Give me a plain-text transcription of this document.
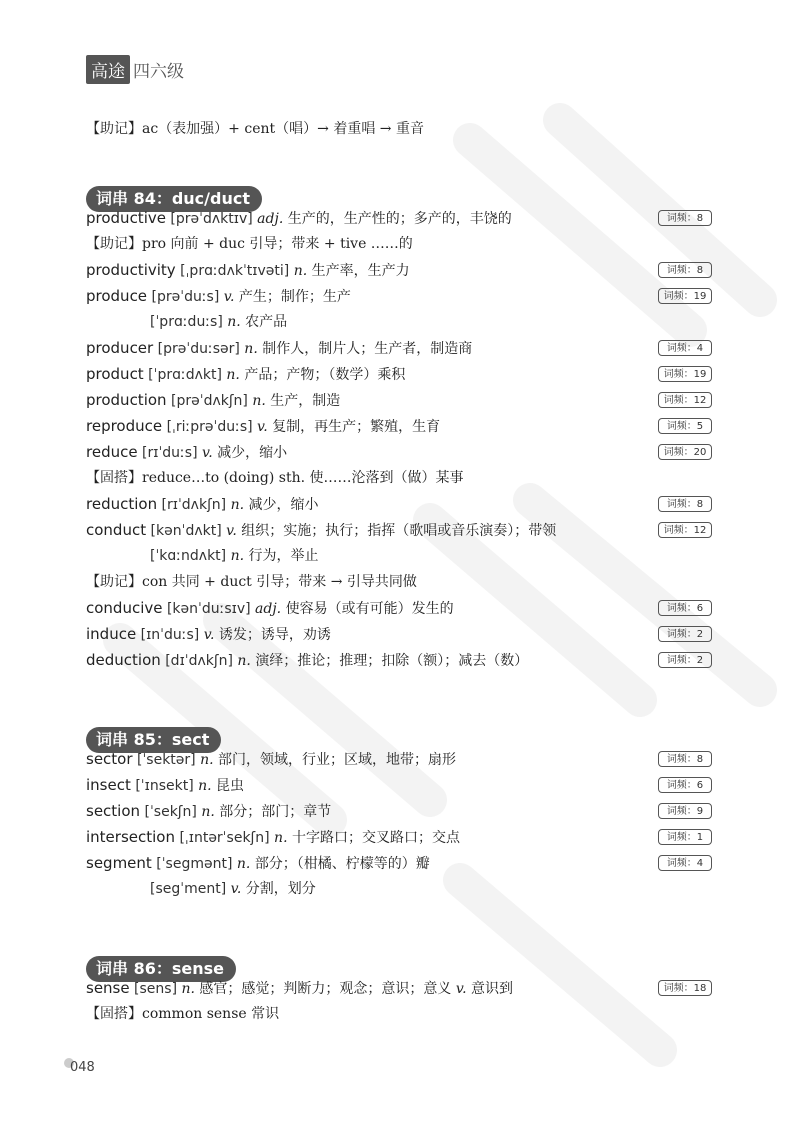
高途 四六级
【助记】ac（表加强）+ cent（唱）→ 着重唱 → 重音
词串 84：duc/duct
productive [prəˈdʌktɪv] adj. 生产的，生产性的；多产的，丰饶的	词频：8
【助记】pro 向前 + duc 引导；带来 + tive ……的
productivity [ˌprɑːdʌkˈtɪvəti] n. 生产率，生产力	词频：8
produce [prəˈduːs] v. 产生；制作；生产	词频：19
[ˈprɑːduːs] n. 农产品
producer [prəˈduːsər] n. 制作人，制片人；生产者，制造商	词频：4
product [ˈprɑːdʌkt] n. 产品；产物；（数学）乘积	词频：19
production [prəˈdʌkʃn] n. 生产，制造	词频：12
reproduce [ˌriːprəˈduːs] v. 复制，再生产；繁殖，生育	词频：5
reduce [rɪˈduːs] v. 减少，缩小	词频：20
【固搭】reduce…to (doing) sth. 使……沦落到（做）某事
reduction [rɪˈdʌkʃn] n. 减少，缩小	词频：8
conduct [kənˈdʌkt] v. 组织；实施；执行；指挥（歌唱或音乐演奏）；带领	词频：12
[ˈkɑːndʌkt] n. 行为，举止
【助记】con 共同 + duct 引导；带来 → 引导共同做
conducive [kənˈduːsɪv] adj. 使容易（或有可能）发生的	词频：6
induce [ɪnˈduːs] v. 诱发；诱导，劝诱	词频：2
deduction [dɪˈdʌkʃn] n. 演绎；推论；推理；扣除（额）；减去（数）	词频：2
词串 85：sect
sector [ˈsektər] n. 部门，领域，行业；区域，地带；扇形	词频：8
insect [ˈɪnsekt] n. 昆虫	词频：6
section [ˈsekʃn] n. 部分；部门；章节	词频：9
intersection [ˌɪntərˈsekʃn] n. 十字路口；交叉路口；交点	词频：1
segment [ˈsegmənt] n. 部分；（柑橘、柠檬等的）瓣	词频：4
[segˈment] v. 分割，划分
词串 86：sense
sense [sens] n. 感官；感觉；判断力；观念；意识；意义 v. 意识到	词频：18
【固搭】common sense 常识
048
